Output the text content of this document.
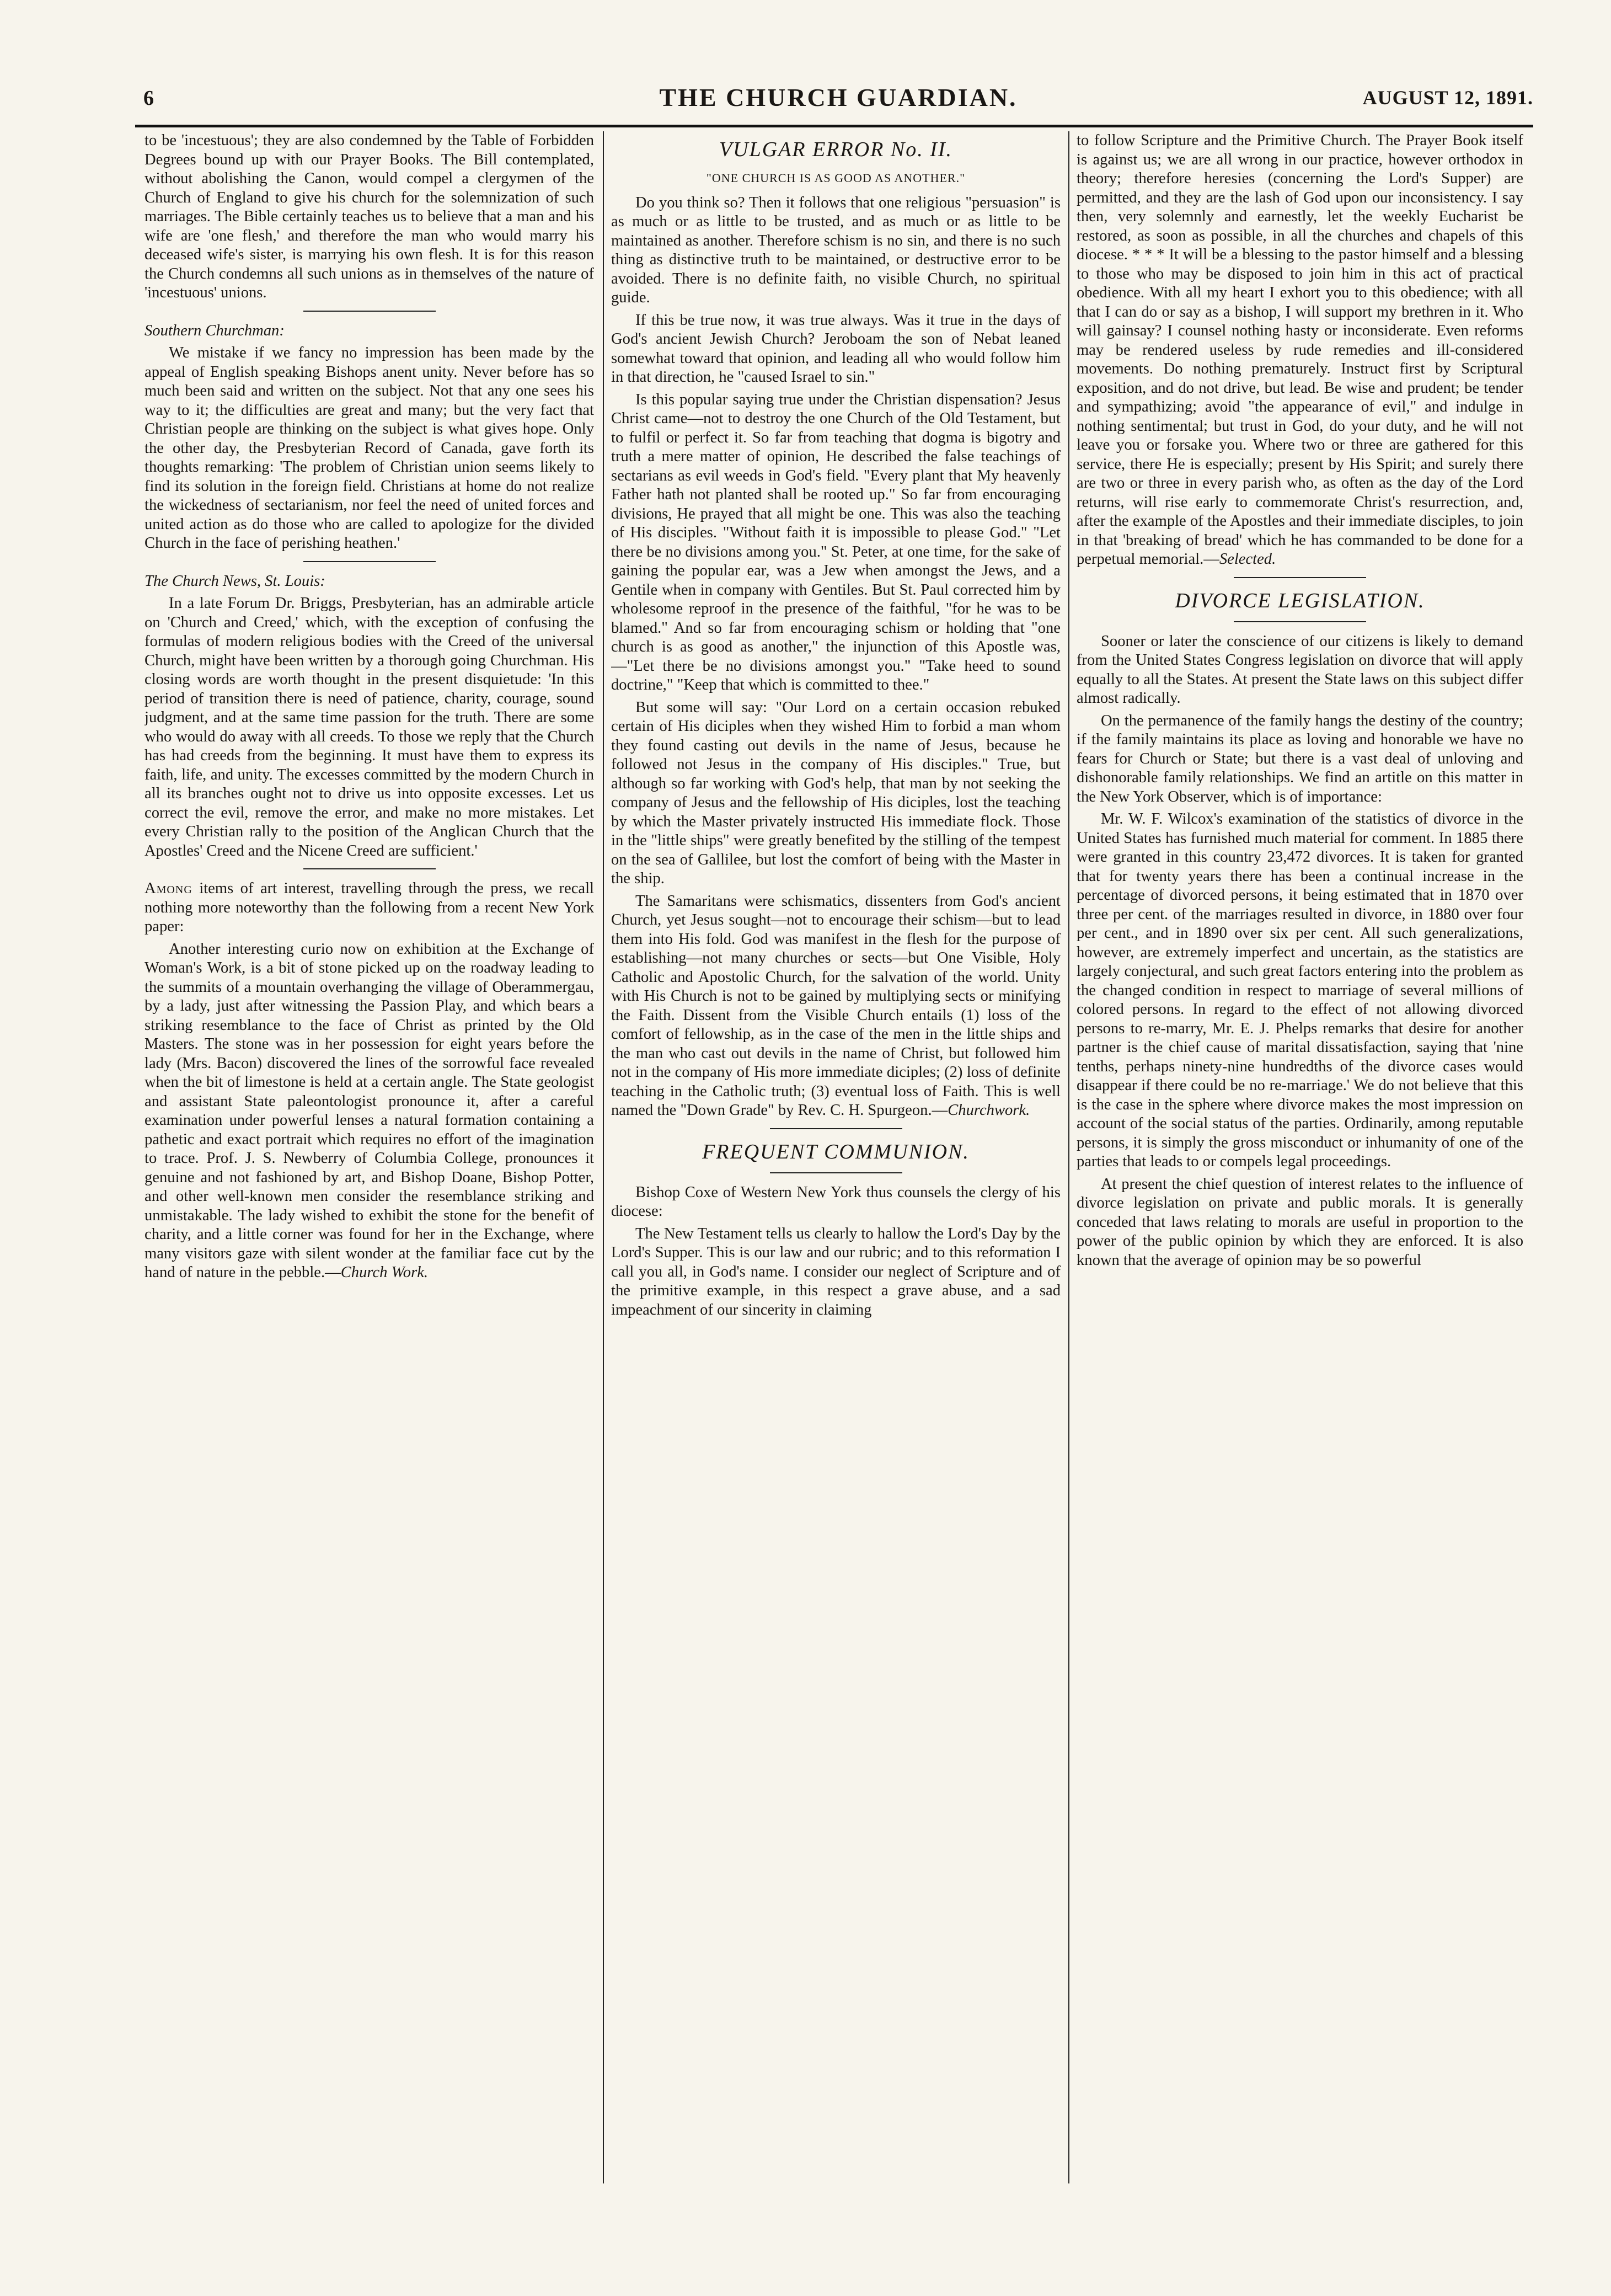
6	THE CHURCH GUARDIAN.	AUGUST 12, 1891.

to be 'incestuous'; they are also condemned by the Table of Forbidden Degrees bound up with our Prayer Books. The Bill contemplated, without abolishing the Canon, would compel a clergymen of the Church of England to give his church for the solemnization of such marriages. The Bible certainly teaches us to believe that a man and his wife are 'one flesh,' and therefore the man who would marry his deceased wife's sister, is marrying his own flesh. It is for this reason the Church condemns all such unions as in themselves of the nature of 'incestuous' unions.

Southern Churchman:

We mistake if we fancy no impression has been made by the appeal of English speaking Bishops anent unity. Never before has so much been said and written on the subject. Not that any one sees his way to it; the difficulties are great and many; but the very fact that Christian people are thinking on the subject is what gives hope. Only the other day, the Presbyterian Record of Canada, gave forth its thoughts remarking: 'The problem of Christian union seems likely to find its solution in the foreign field. Christians at home do not realize the wickedness of sectarianism, nor feel the need of united forces and united action as do those who are called to apologize for the divided Church in the face of perishing heathen.'

The Church News, St. Louis:

In a late Forum Dr. Briggs, Presbyterian, has an admirable article on 'Church and Creed,' which, with the exception of confusing the formulas of modern religious bodies with the Creed of the universal Church, might have been written by a thorough going Churchman. His closing words are worth thought in the present disquietude: 'In this period of transition there is need of patience, charity, courage, sound judgment, and at the same time passion for the truth. There are some who would do away with all creeds. To those we reply that the Church has had creeds from the beginning. It must have them to express its faith, life, and unity. The excesses committed by the modern Church in all its branches ought not to drive us into opposite excesses. Let us correct the evil, remove the error, and make no more mistakes. Let every Christian rally to the position of the Anglican Church that the Apostles' Creed and the Nicene Creed are sufficient.'

Among items of art interest, travelling through the press, we recall nothing more noteworthy than the following from a recent New York paper:

Another interesting curio now on exhibition at the Exchange of Woman's Work, is a bit of stone picked up on the roadway leading to the summits of a mountain overhanging the village of Oberammergau, by a lady, just after witnessing the Passion Play, and which bears a striking resemblance to the face of Christ as printed by the Old Masters. The stone was in her possession for eight years before the lady (Mrs. Bacon) discovered the lines of the sorrowful face revealed when the bit of limestone is held at a certain angle. The State geologist and assistant State paleontologist pronounce it, after a careful examination under powerful lenses a natural formation containing a pathetic and exact portrait which requires no effort of the imagination to trace. Prof. J. S. Newberry of Columbia College, pronounces it genuine and not fashioned by art, and Bishop Doane, Bishop Potter, and other well-known men consider the resemblance striking and unmistakable. The lady wished to exhibit the stone for the benefit of charity, and a little corner was found for her in the Exchange, where many visitors gaze with silent wonder at the familiar face cut by the hand of nature in the pebble.—Church Work.

VULGAR ERROR No. II.
"ONE CHURCH IS AS GOOD AS ANOTHER."

Do you think so? Then it follows that one religious "persuasion" is as much or as little to be trusted, and as much or as little to be maintained as another. Therefore schism is no sin, and there is no such thing as distinctive truth to be maintained, or destructive error to be avoided. There is no definite faith, no visible Church, no spiritual guide.

If this be true now, it was true always. Was it true in the days of God's ancient Jewish Church? Jeroboam the son of Nebat leaned somewhat toward that opinion, and leading all who would follow him in that direction, he "caused Israel to sin."

Is this popular saying true under the Christian dispensation? Jesus Christ came—not to destroy the one Church of the Old Testament, but to fulfil or perfect it. So far from teaching that dogma is bigotry and truth a mere matter of opinion, He described the false teachings of sectarians as evil weeds in God's field. "Every plant that My heavenly Father hath not planted shall be rooted up." So far from encouraging divisions, He prayed that all might be one. This was also the teaching of His disciples. "Without faith it is impossible to please God." "Let there be no divisions among you." St. Peter, at one time, for the sake of gaining the popular ear, was a Jew when amongst the Jews, and a Gentile when in company with Gentiles. But St. Paul corrected him by wholesome reproof in the presence of the faithful, "for he was to be blamed." And so far from encouraging schism or holding that "one church is as good as another," the injunction of this Apostle was,—"Let there be no divisions amongst you." "Take heed to sound doctrine," "Keep that which is committed to thee."

But some will say: "Our Lord on a certain occasion rebuked certain of His diciples when they wished Him to forbid a man whom they found casting out devils in the name of Jesus, because he followed not Jesus in the company of His disciples." True, but although so far working with God's help, that man by not seeking the company of Jesus and the fellowship of His diciples, lost the teaching by which the Master privately instructed His immediate flock. Those in the "little ships" were greatly benefited by the stilling of the tempest on the sea of Gallilee, but lost the comfort of being with the Master in the ship.

The Samaritans were schismatics, dissenters from God's ancient Church, yet Jesus sought—not to encourage their schism—but to lead them into His fold. God was manifest in the flesh for the purpose of establishing—not many churches or sects—but One Visible, Holy Catholic and Apostolic Church, for the salvation of the world. Unity with His Church is not to be gained by multiplying sects or minifying the Faith. Dissent from the Visible Church entails (1) loss of the comfort of fellowship, as in the case of the men in the little ships and the man who cast out devils in the name of Christ, but followed him not in the company of His more immediate diciples; (2) loss of definite teaching in the Catholic truth; (3) eventual loss of Faith. This is well named the "Down Grade" by Rev. C. H. Spurgeon.—Churchwork.

FREQUENT COMMUNION.

Bishop Coxe of Western New York thus counsels the clergy of his diocese:

The New Testament tells us clearly to hallow the Lord's Day by the Lord's Supper. This is our law and our rubric; and to this reformation I call you all, in God's name. I consider our neglect of Scripture and of the primitive example, in this respect a grave abuse, and a sad impeachment of our sincerity in claiming

to follow Scripture and the Primitive Church. The Prayer Book itself is against us; we are all wrong in our practice, however orthodox in theory; therefore heresies (concerning the Lord's Supper) are permitted, and they are the lash of God upon our inconsistency. I say then, very solemnly and earnestly, let the weekly Eucharist be restored, as soon as possible, in all the churches and chapels of this diocese. * * * It will be a blessing to the pastor himself and a blessing to those who may be disposed to join him in this act of practical obedience. With all my heart I exhort you to this obedience; with all that I can do or say as a bishop, I will support my brethren in it. Who will gainsay? I counsel nothing hasty or inconsiderate. Even reforms may be rendered useless by rude remedies and ill-considered movements. Do nothing prematurely. Instruct first by Scriptural exposition, and do not drive, but lead. Be wise and prudent; be tender and sympathizing; avoid "the appearance of evil," and indulge in nothing sentimental; but trust in God, do your duty, and he will not leave you or forsake you. Where two or three are gathered for this service, there He is especially; present by His Spirit; and surely there are two or three in every parish who, as often as the day of the Lord returns, will rise early to commemorate Christ's resurrection, and, after the example of the Apostles and their immediate disciples, to join in that 'breaking of bread' which he has commanded to be done for a perpetual memorial.—Selected.

DIVORCE LEGISLATION.

Sooner or later the conscience of our citizens is likely to demand from the United States Congress legislation on divorce that will apply equally to all the States. At present the State laws on this subject differ almost radically.

On the permanence of the family hangs the destiny of the country; if the family maintains its place as loving and honorable we have no fears for Church or State; but there is a vast deal of unloving and dishonorable family relationships. We find an artitle on this matter in the New York Observer, which is of importance:

Mr. W. F. Wilcox's examination of the statistics of divorce in the United States has furnished much material for comment. In 1885 there were granted in this country 23,472 divorces. It is taken for granted that for twenty years there has been a continual increase in the percentage of divorced persons, it being estimated that in 1870 over three per cent. of the marriages resulted in divorce, in 1880 over four per cent., and in 1890 over six per cent. All such generalizations, however, are extremely imperfect and uncertain, as the statistics are largely conjectural, and such great factors entering into the problem as the changed condition in respect to marriage of several millions of colored persons. In regard to the effect of not allowing divorced persons to re-marry, Mr. E. J. Phelps remarks that desire for another partner is the chief cause of marital dissatisfaction, saying that 'nine tenths, perhaps ninety-nine hundredths of the divorce cases would disappear if there could be no re-marriage.' We do not believe that this is the case in the sphere where divorce makes the most impression on account of the social status of the parties. Ordinarily, among reputable persons, it is simply the gross misconduct or inhumanity of one of the parties that leads to or compels legal proceedings.

At present the chief question of interest relates to the influence of divorce legislation on private and public morals. It is generally conceded that laws relating to morals are useful in proportion to the power of the public opinion by which they are enforced. It is also known that the average of opinion may be so powerful
